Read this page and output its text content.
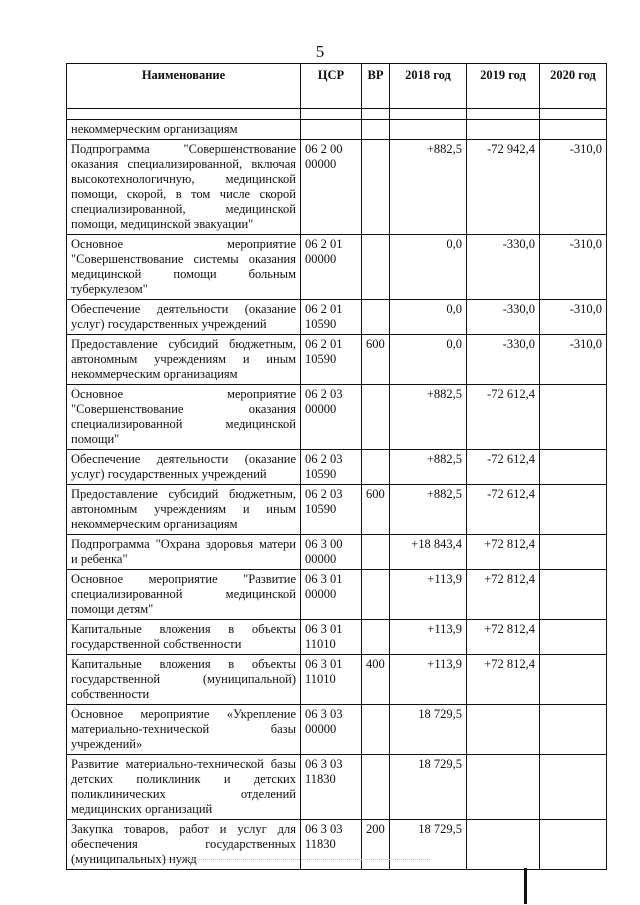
5
Наименование	ЦСР	ВР	2018 год	2019 год	2020 год

некоммерческим организациям					
Подпрограмма "Совершенствование оказания специализированной, включая высокотехнологичную, медицинской помощи, скорой, в том числе скорой специализированной, медицинской помощи, медицинской эвакуации"	06 2 00 00000		+882,5	-72 942,4	-310,0
Основное мероприятие "Совершенствование системы оказания медицинской помощи больным туберкулезом"	06 2 01 00000		0,0	-330,0	-310,0
Обеспечение деятельности (оказание услуг) государственных учреждений	06 2 01 10590		0,0	-330,0	-310,0
Предоставление субсидий бюджетным, автономным учреждениям и иным некоммерческим организациям	06 2 01 10590	600	0,0	-330,0	-310,0
Основное мероприятие "Совершенствование оказания специализированной медицинской помощи"	06 2 03 00000		+882,5	-72 612,4	
Обеспечение деятельности (оказание услуг) государственных учреждений	06 2 03 10590		+882,5	-72 612,4	
Предоставление субсидий бюджетным, автономным учреждениям и иным некоммерческим организациям	06 2 03 10590	600	+882,5	-72 612,4	
Подпрограмма "Охрана здоровья матери и ребенка"	06 3 00 00000		+18 843,4	+72 812,4	
Основное мероприятие "Развитие специализированной медицинской помощи детям"	06 3 01 00000		+113,9	+72 812,4	
Капитальные вложения в объекты государственной собственности	06 3 01 11010		+113,9	+72 812,4	
Капитальные вложения в объекты государственной (муниципальной) собственности	06 3 01 11010	400	+113,9	+72 812,4	
Основное мероприятие «Укрепление материально-технической базы учреждений»	06 3 03 00000		18 729,5		
Развитие материально-технической базы детских поликлиник и детских поликлинических отделений медицинских организаций	06 3 03 11830		18 729,5		
Закупка товаров, работ и услуг для обеспечения государственных (муниципальных) нужд	06 3 03 11830	200	18 729,5		
